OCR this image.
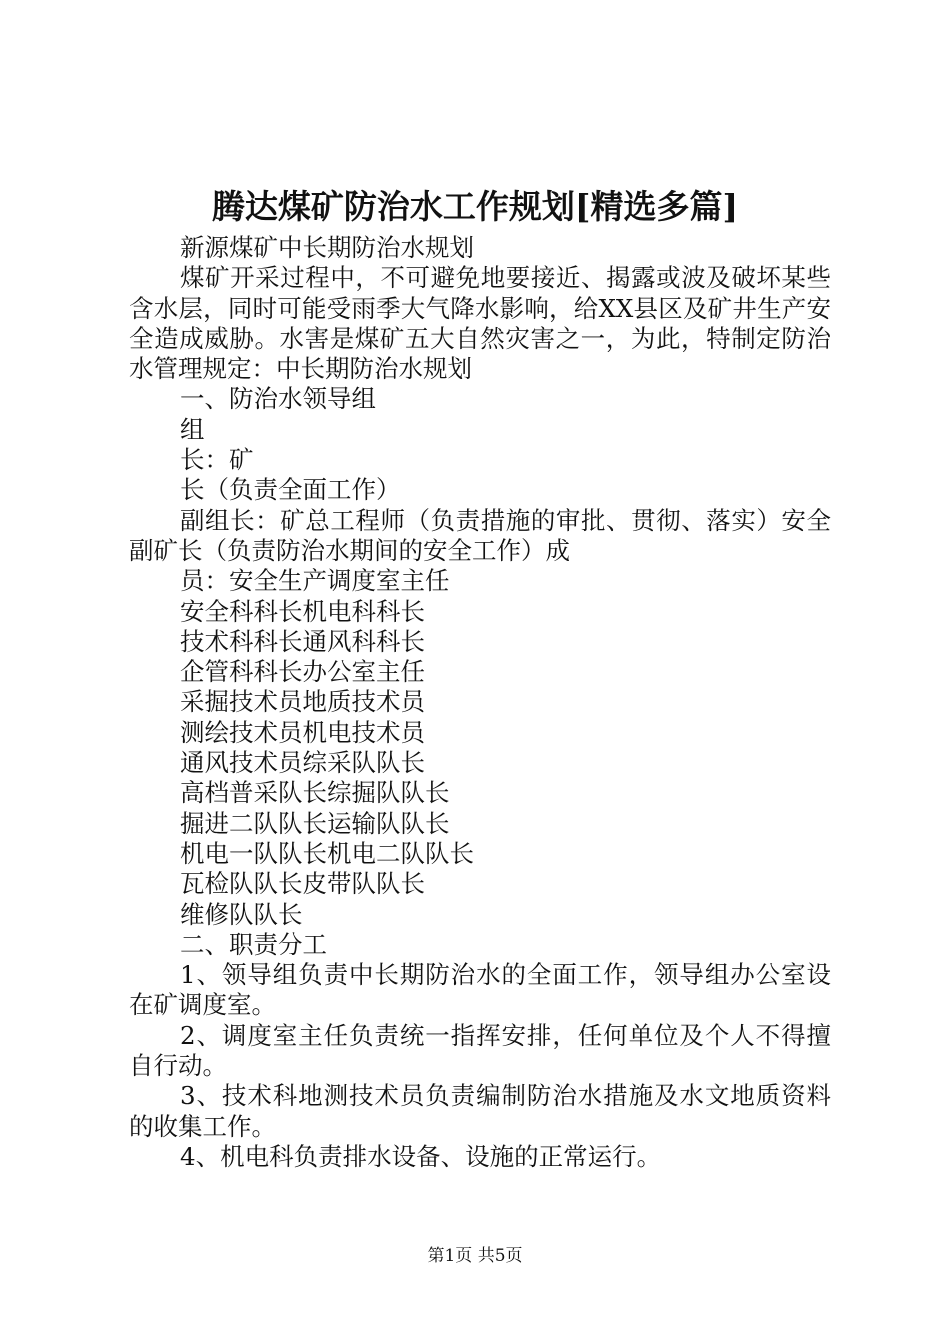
腾达煤矿防治水工作规划[精选多篇]

新源煤矿中长期防治水规划

煤矿开采过程中，不可避免地要接近、揭露或波及破坏某些含水层，同时可能受雨季大气降水影响，给XX县区及矿井生产安全造成威胁。水害是煤矿五大自然灾害之一，为此，特制定防治水管理规定：中长期防治水规划

一、防治水领导组

组

长：矿

长（负责全面工作）

副组长：矿总工程师（负责措施的审批、贯彻、落实）安全副矿长（负责防治水期间的安全工作）成

员：安全生产调度室主任

安全科科长机电科科长

技术科科长通风科科长

企管科科长办公室主任

采掘技术员地质技术员

测绘技术员机电技术员

通风技术员综采队队长

高档普采队长综掘队队长

掘进二队队长运输队队长

机电一队队长机电二队队长

瓦检队队长皮带队队长

维修队队长

二、职责分工

1、领导组负责中长期防治水的全面工作，领导组办公室设在矿调度室。

2、调度室主任负责统一指挥安排，任何单位及个人不得擅自行动。

3、技术科地测技术员负责编制防治水措施及水文地质资料的收集工作。

4、机电科负责排水设备、设施的正常运行。

第1页 共5页
